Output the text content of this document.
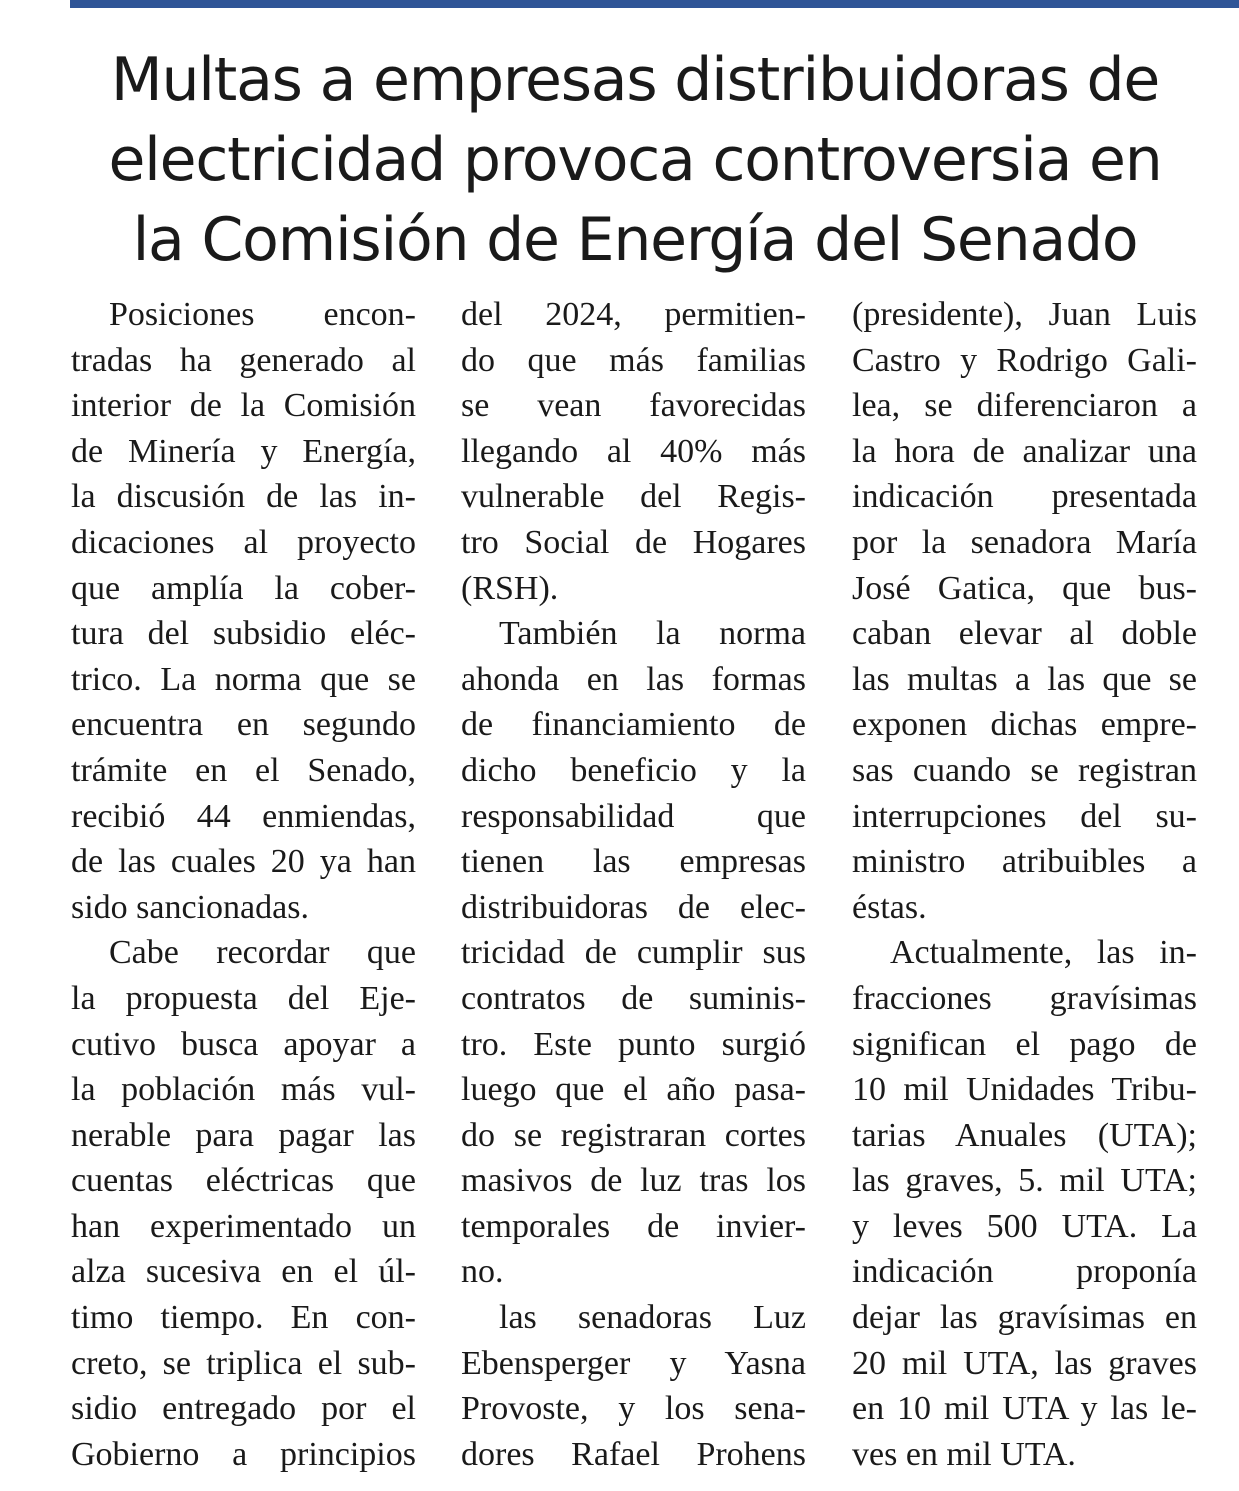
Multas a empresas distribuidoras de
electricidad provoca controversia en
la Comisión de Energía del Senado
Posiciones encon-
tradas ha generado al
interior de la Comisión
de Minería y Energía,
la discusión de las in-
dicaciones al proyecto
que amplía la cober-
tura del subsidio eléc-
trico. La norma que se
encuentra en segundo
trámite en el Senado,
recibió 44 enmiendas,
de las cuales 20 ya han
sido sancionadas.
Cabe recordar que
la propuesta del Eje-
cutivo busca apoyar a
la población más vul-
nerable para pagar las
cuentas eléctricas que
han experimentado un
alza sucesiva en el úl-
timo tiempo. En con-
creto, se triplica el sub-
sidio entregado por el
Gobierno a principios
del 2024, permitien-
do que más familias
se vean favorecidas
llegando al 40% más
vulnerable del Regis-
tro Social de Hogares
(RSH).
También la norma
ahonda en las formas
de financiamiento de
dicho beneficio y la
responsabilidad que
tienen las empresas
distribuidoras de elec-
tricidad de cumplir sus
contratos de suminis-
tro. Este punto surgió
luego que el año pasa-
do se registraran cortes
masivos de luz tras los
temporales de invier-
no.
las senadoras Luz
Ebensperger y Yasna
Provoste, y los sena-
dores Rafael Prohens
(presidente), Juan Luis
Castro y Rodrigo Gali-
lea, se diferenciaron a
la hora de analizar una
indicación presentada
por la senadora María
José Gatica, que bus-
caban elevar al doble
las multas a las que se
exponen dichas empre-
sas cuando se registran
interrupciones del su-
ministro atribuibles a
éstas.
Actualmente, las in-
fracciones gravísimas
significan el pago de
10 mil Unidades Tribu-
tarias Anuales (UTA);
las graves, 5. mil UTA;
y leves 500 UTA. La
indicación proponía
dejar las gravísimas en
20 mil UTA, las graves
en 10 mil UTA y las le-
ves en mil UTA.
